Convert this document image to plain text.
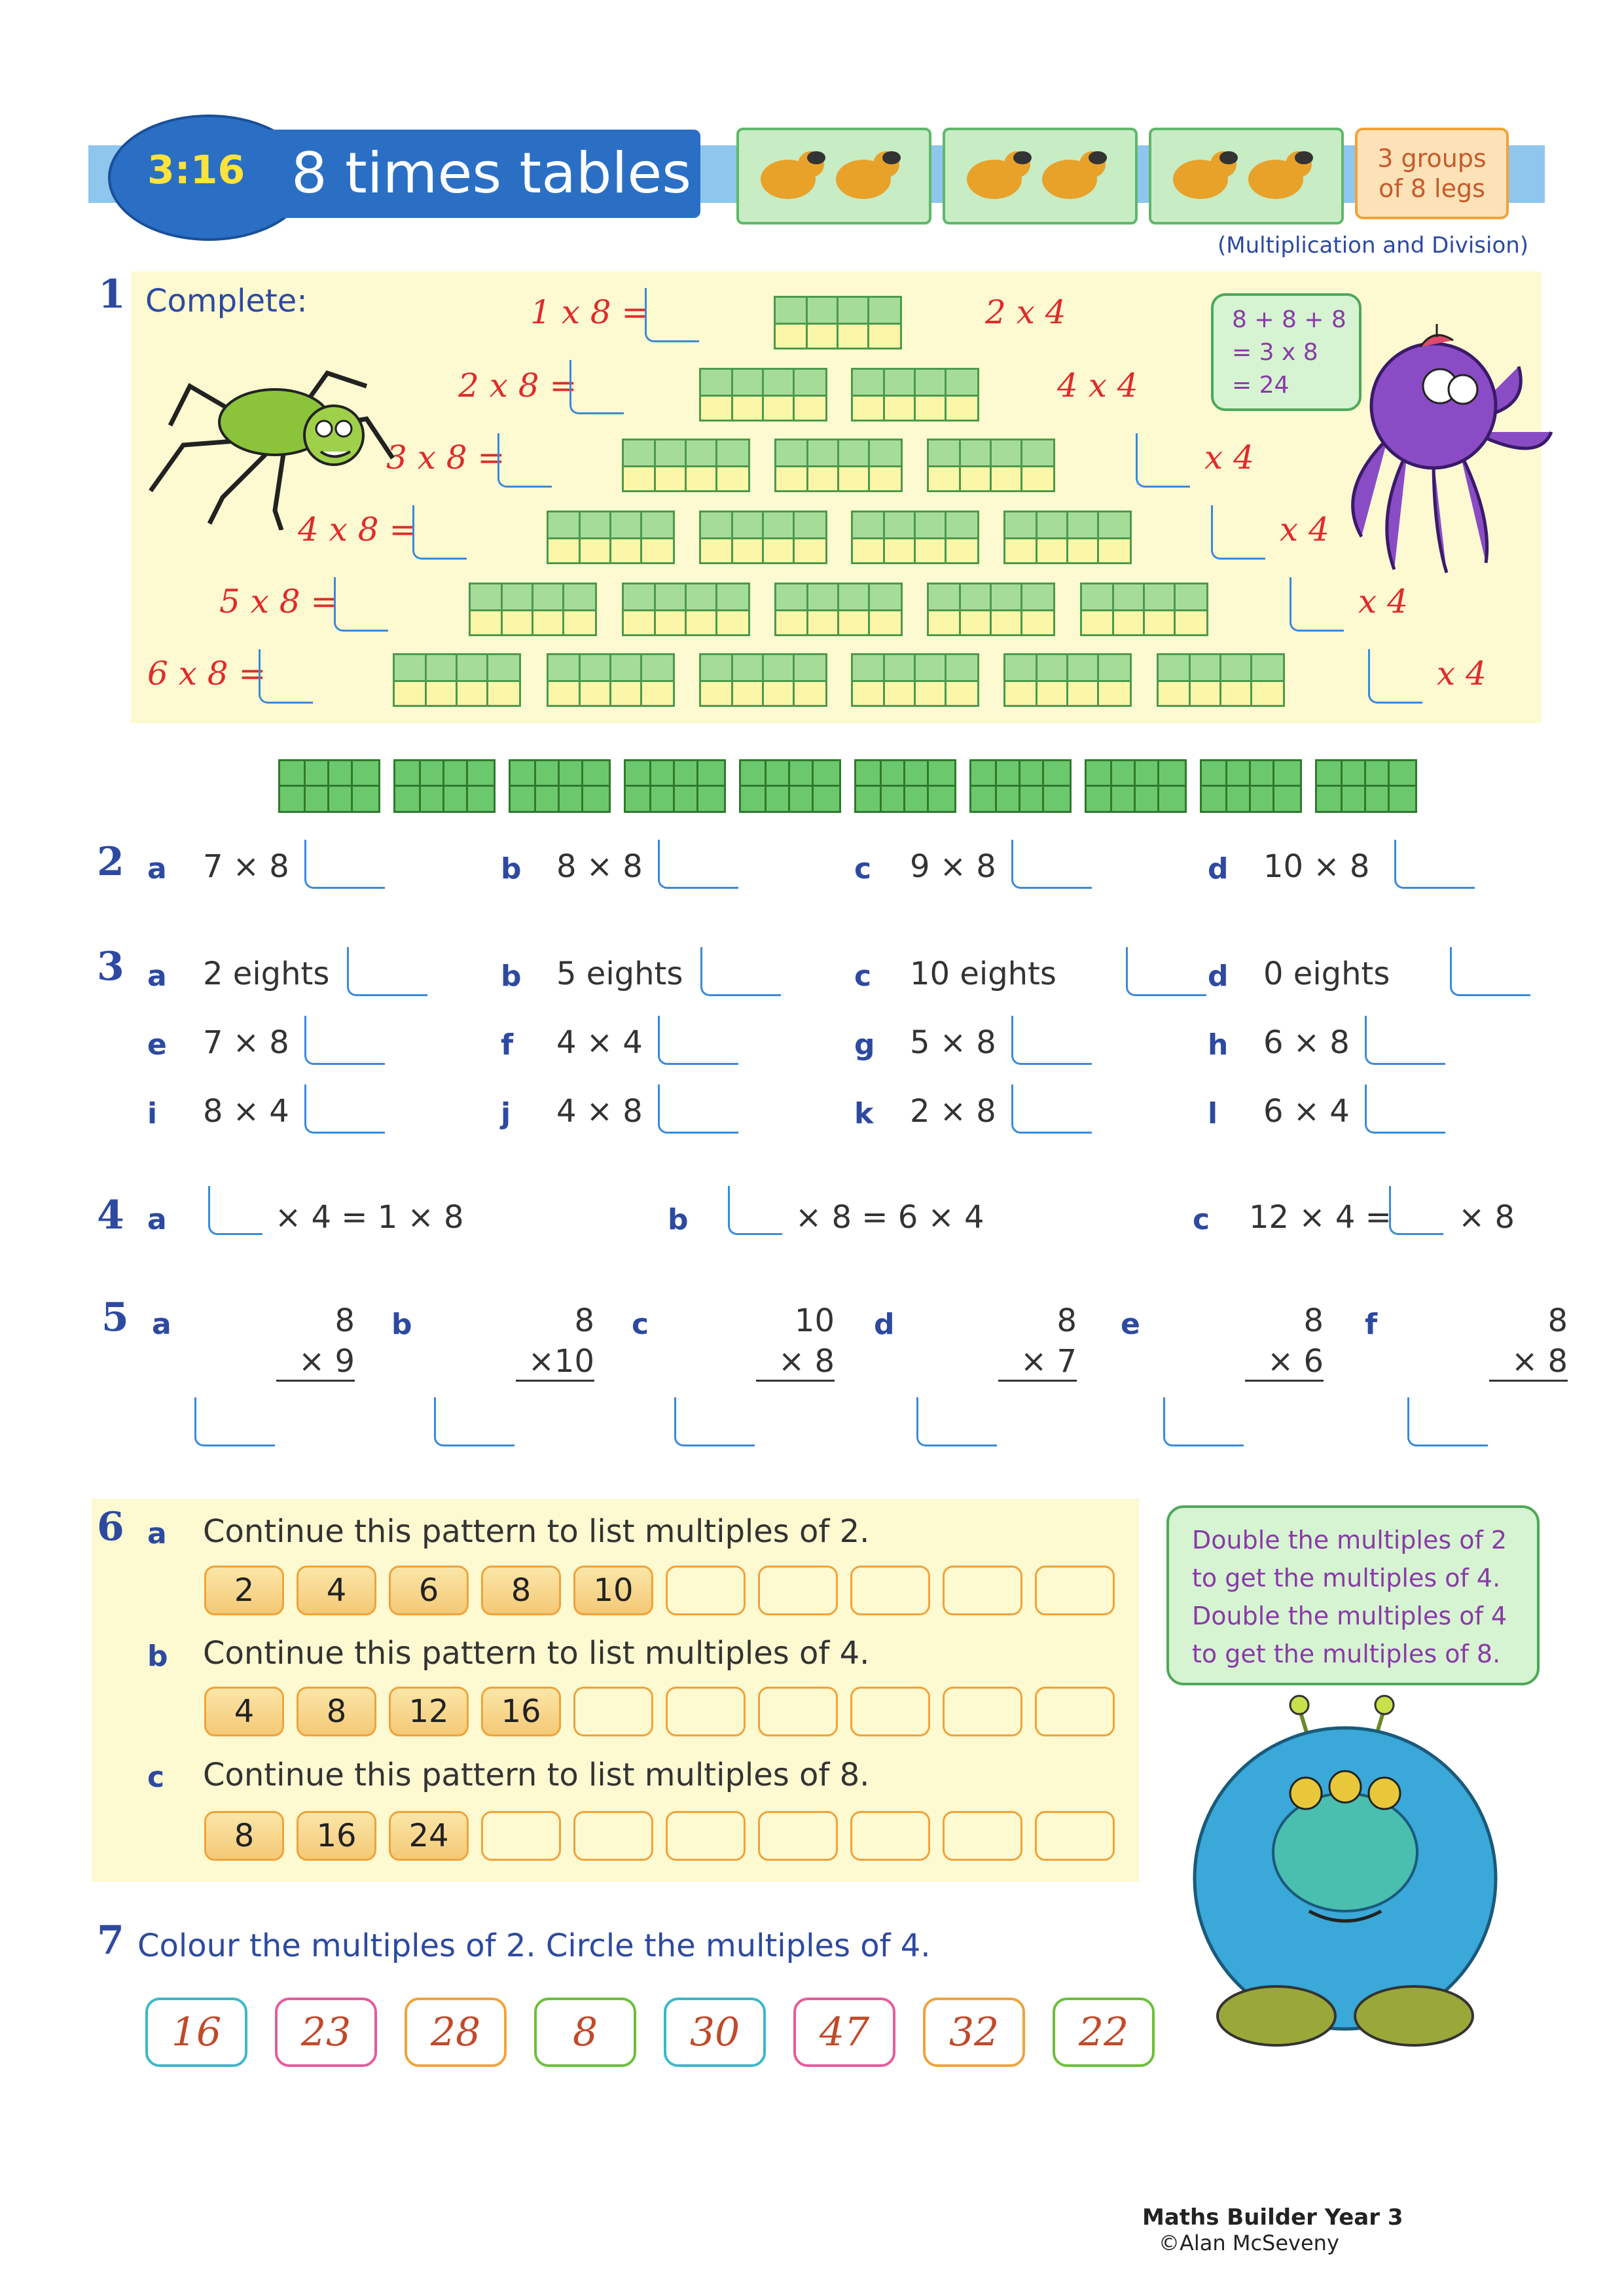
3:16 8 times tables	3 groups
of 8 legs
(Multiplication and Division)
1 Complete:
8 + 8 + 8
= 3 x 8
= 24
1 x 8 =
2 x 8 =
3 x 8 =
4 x 8 =
5 x 8 =
6 x 8 =
2 x 4
4 x 4
x 4
x 4
x 4
x 4
2 a 7 × 8	b 8 × 8	c 9 × 8	d 10 × 8
3 a 2 eights	b 5 eights	c 10 eights	d 0 eights
e 7 × 8	f 4 × 4	g 5 × 8	h 6 × 8
i 8 × 4	j 4 × 8	k 2 × 8	l 6 × 4
4 a	× 4 = 1 × 8	b	× 8 = 6 × 4	c 12 × 4 = × 8
5 a	8
× 9
b	8
×10
c	10
× 8
d	8
× 7
e	8
× 6
f	8
× 8
6 a Continue this pattern to list multiples of 2.
b Continue this pattern to list multiples of 4.
c Continue this pattern to list multiples of 8.
2	4	6	8	10
4	8	12	16
8	16	24
Double the multiples of 2
to get the multiples of 4.
Double the multiples of 4
to get the multiples of 8.
7 Colour the multiples of 2. Circle the multiples of 4.
16	23	28	8	30	47	32	22
Maths Builder Year 3
©Alan McSeveny
